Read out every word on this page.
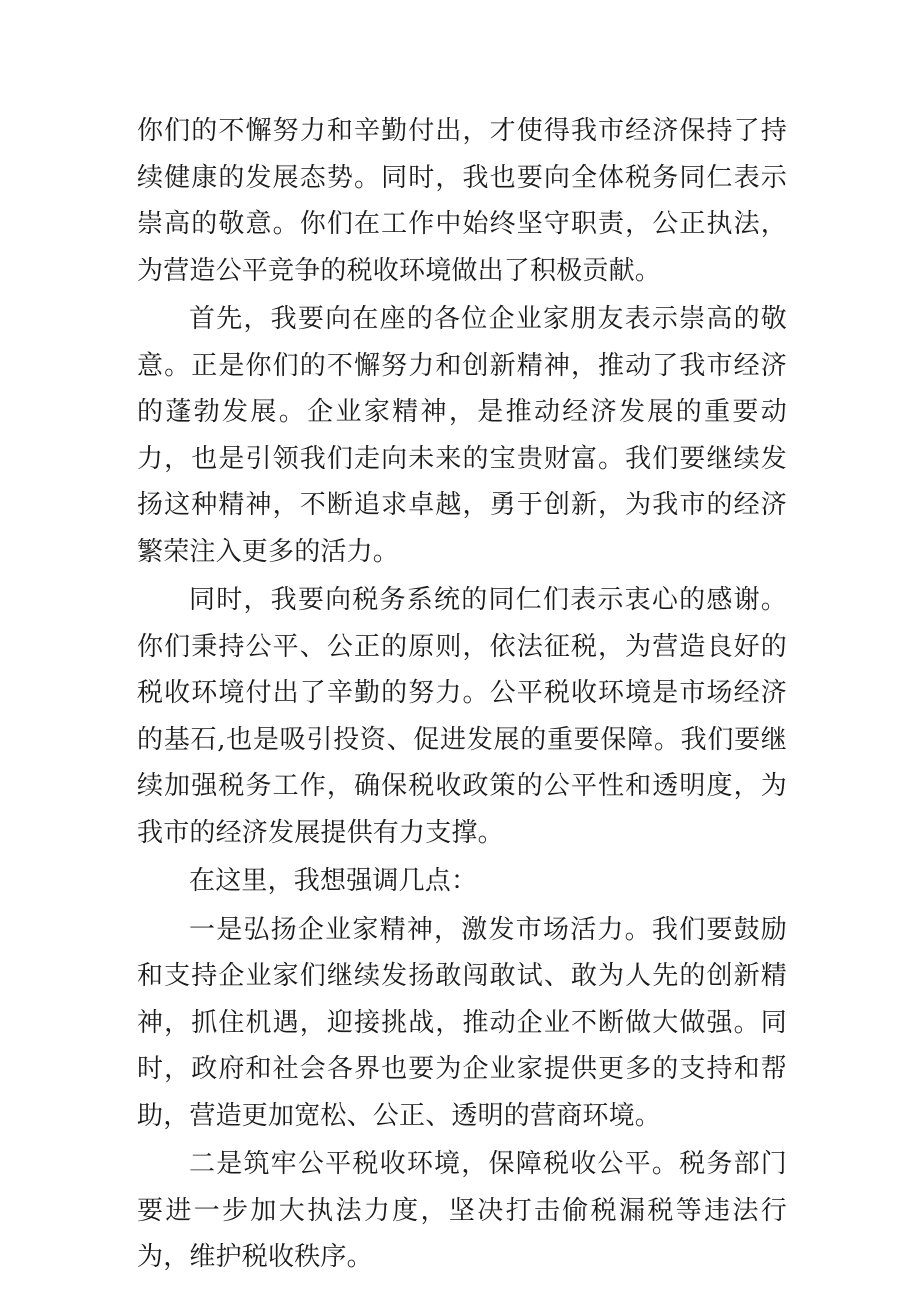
你们的不懈努力和辛勤付出，才使得我市经济保持了持续健康的发展态势。同时，我也要向全体税务同仁表示崇高的敬意。你们在工作中始终坚守职责，公正执法，为营造公平竞争的税收环境做出了积极贡献。

首先，我要向在座的各位企业家朋友表示崇高的敬意。正是你们的不懈努力和创新精神，推动了我市经济的蓬勃发展。企业家精神，是推动经济发展的重要动力，也是引领我们走向未来的宝贵财富。我们要继续发扬这种精神，不断追求卓越，勇于创新，为我市的经济繁荣注入更多的活力。

同时，我要向税务系统的同仁们表示衷心的感谢。你们秉持公平、公正的原则，依法征税，为营造良好的税收环境付出了辛勤的努力。公平税收环境是市场经济的基石,也是吸引投资、促进发展的重要保障。我们要继续加强税务工作，确保税收政策的公平性和透明度，为我市的经济发展提供有力支撑。

在这里，我想强调几点：

一是弘扬企业家精神，激发市场活力。我们要鼓励和支持企业家们继续发扬敢闯敢试、敢为人先的创新精神，抓住机遇，迎接挑战，推动企业不断做大做强。同时，政府和社会各界也要为企业家提供更多的支持和帮助，营造更加宽松、公正、透明的营商环境。

二是筑牢公平税收环境，保障税收公平。税务部门要进一步加大执法力度，坚决打击偷税漏税等违法行为，维护税收秩序。
